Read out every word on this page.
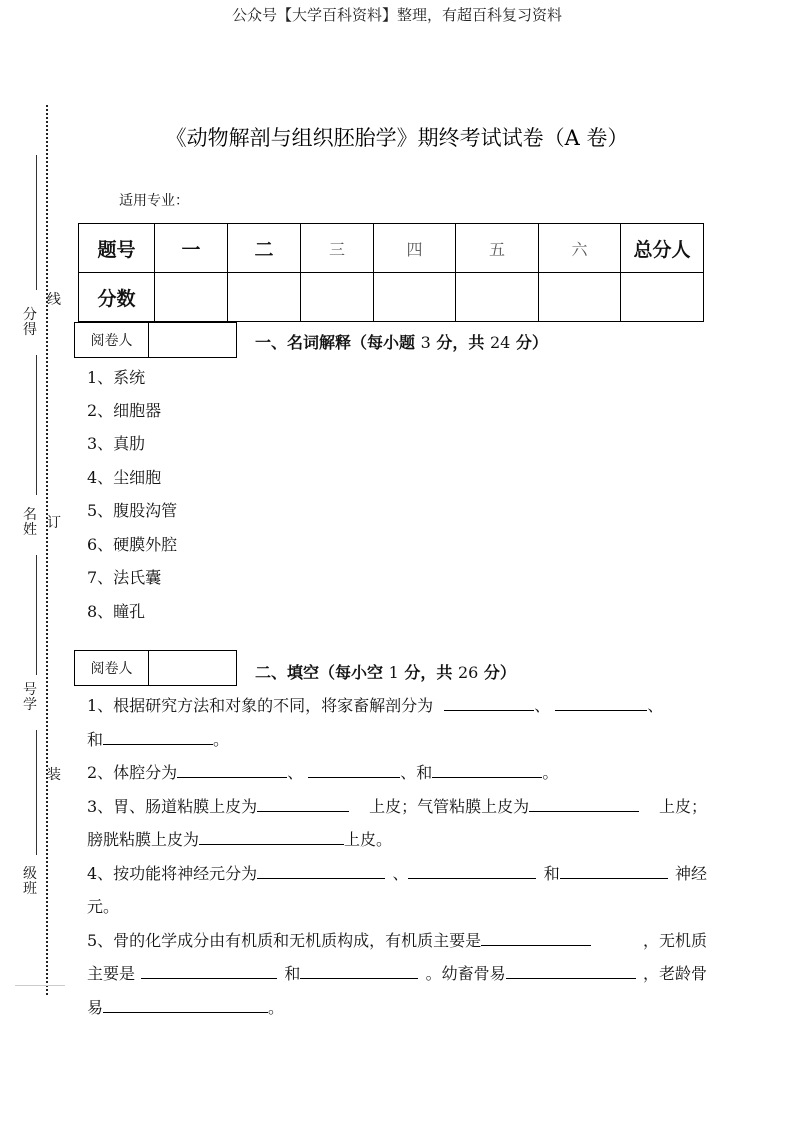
公众号【大学百科资料】整理，有超百科复习资料
线
订
装
分得
名姓
号学
级班
《动物解剖与组织胚胎学》期终考试试卷（A 卷）
适用专业：
题号	一	二	三	四	五	六	总分人
分数							
阅卷人	一、名词解释（每小题 3 分，共 24 分）
1、系统
2、细胞器
3、真肋
4、尘细胞
5、腹股沟管
6、硬膜外腔
7、法氏囊
8、瞳孔
阅卷人	二、填空（每小空 1 分，共 26 分）
1、根据研究方法和对象的不同，将家畜解剖分为	、	、
和	。
2、体腔分为	、	、和	。
3、胃、肠道粘膜上皮为	上皮；气管粘膜上皮为	上皮；
膀胱粘膜上皮为	上皮。
4、按功能将神经元分为	、	和	神经
元。
5、骨的化学成分由有机质和无机质构成，有机质主要是	，无机质
主要是	和	。幼畜骨易	，老龄骨
易	。
